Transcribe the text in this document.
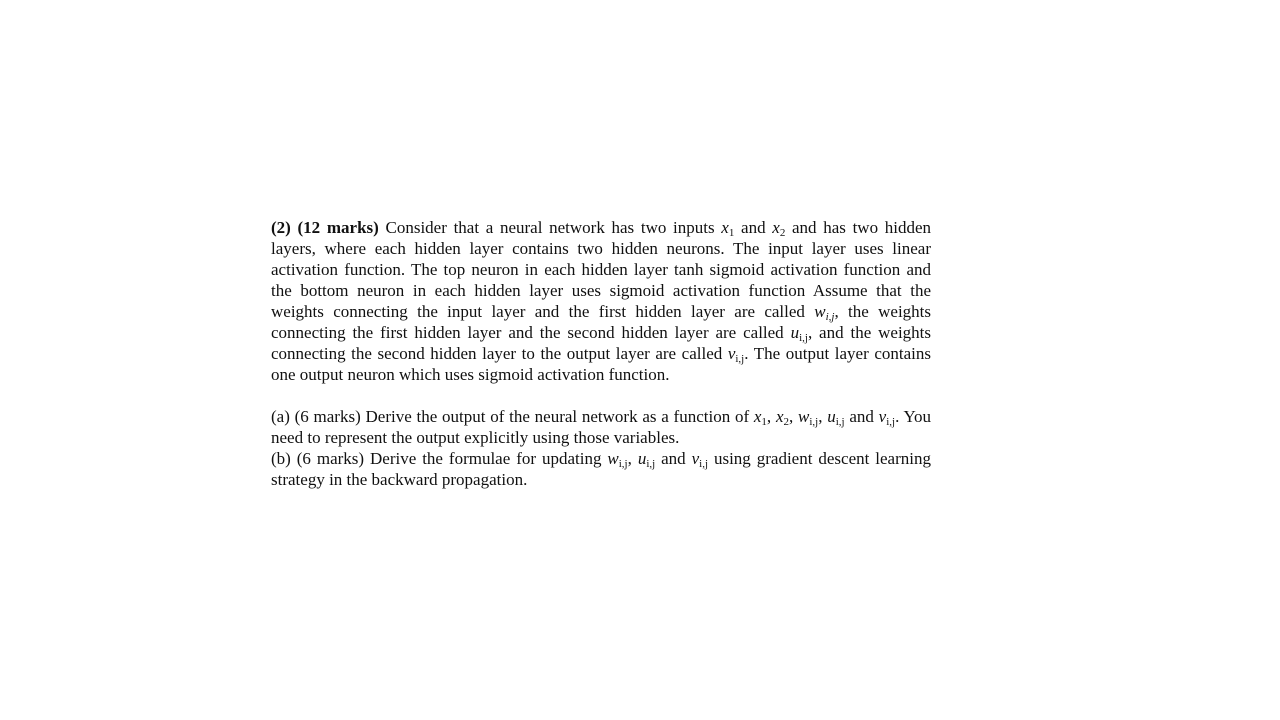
(2) (12 marks) Consider that a neural network has two inputs $x_1$ and $x_2$ and has two hidden layers, where each hidden layer contains two hidden neurons. The input layer uses linear activation function. The top neuron in each hidden layer tanh sigmoid activation function and the bottom neuron in each hidden layer uses sigmoid activation function Assume that the weights connecting the input layer and the first hidden layer are called $w_{i,j}$, the weights connecting the first hidden layer and the second hidden layer are called $u_{i,j}$, and the weights connecting the second hidden layer to the output layer are called $v_{i,j}$. The output layer contains one output neuron which uses sigmoid activation function.

(a) (6 marks) Derive the output of the neural network as a function of $x_1$, $x_2$, $w_{i,j}$, $u_{i,j}$ and $v_{i,j}$. You need to represent the output explicitly using those variables.

(b) (6 marks) Derive the formulae for updating $w_{i,j}$, $u_{i,j}$ and $v_{i,j}$ using gradient descent learning strategy in the backward propagation.
